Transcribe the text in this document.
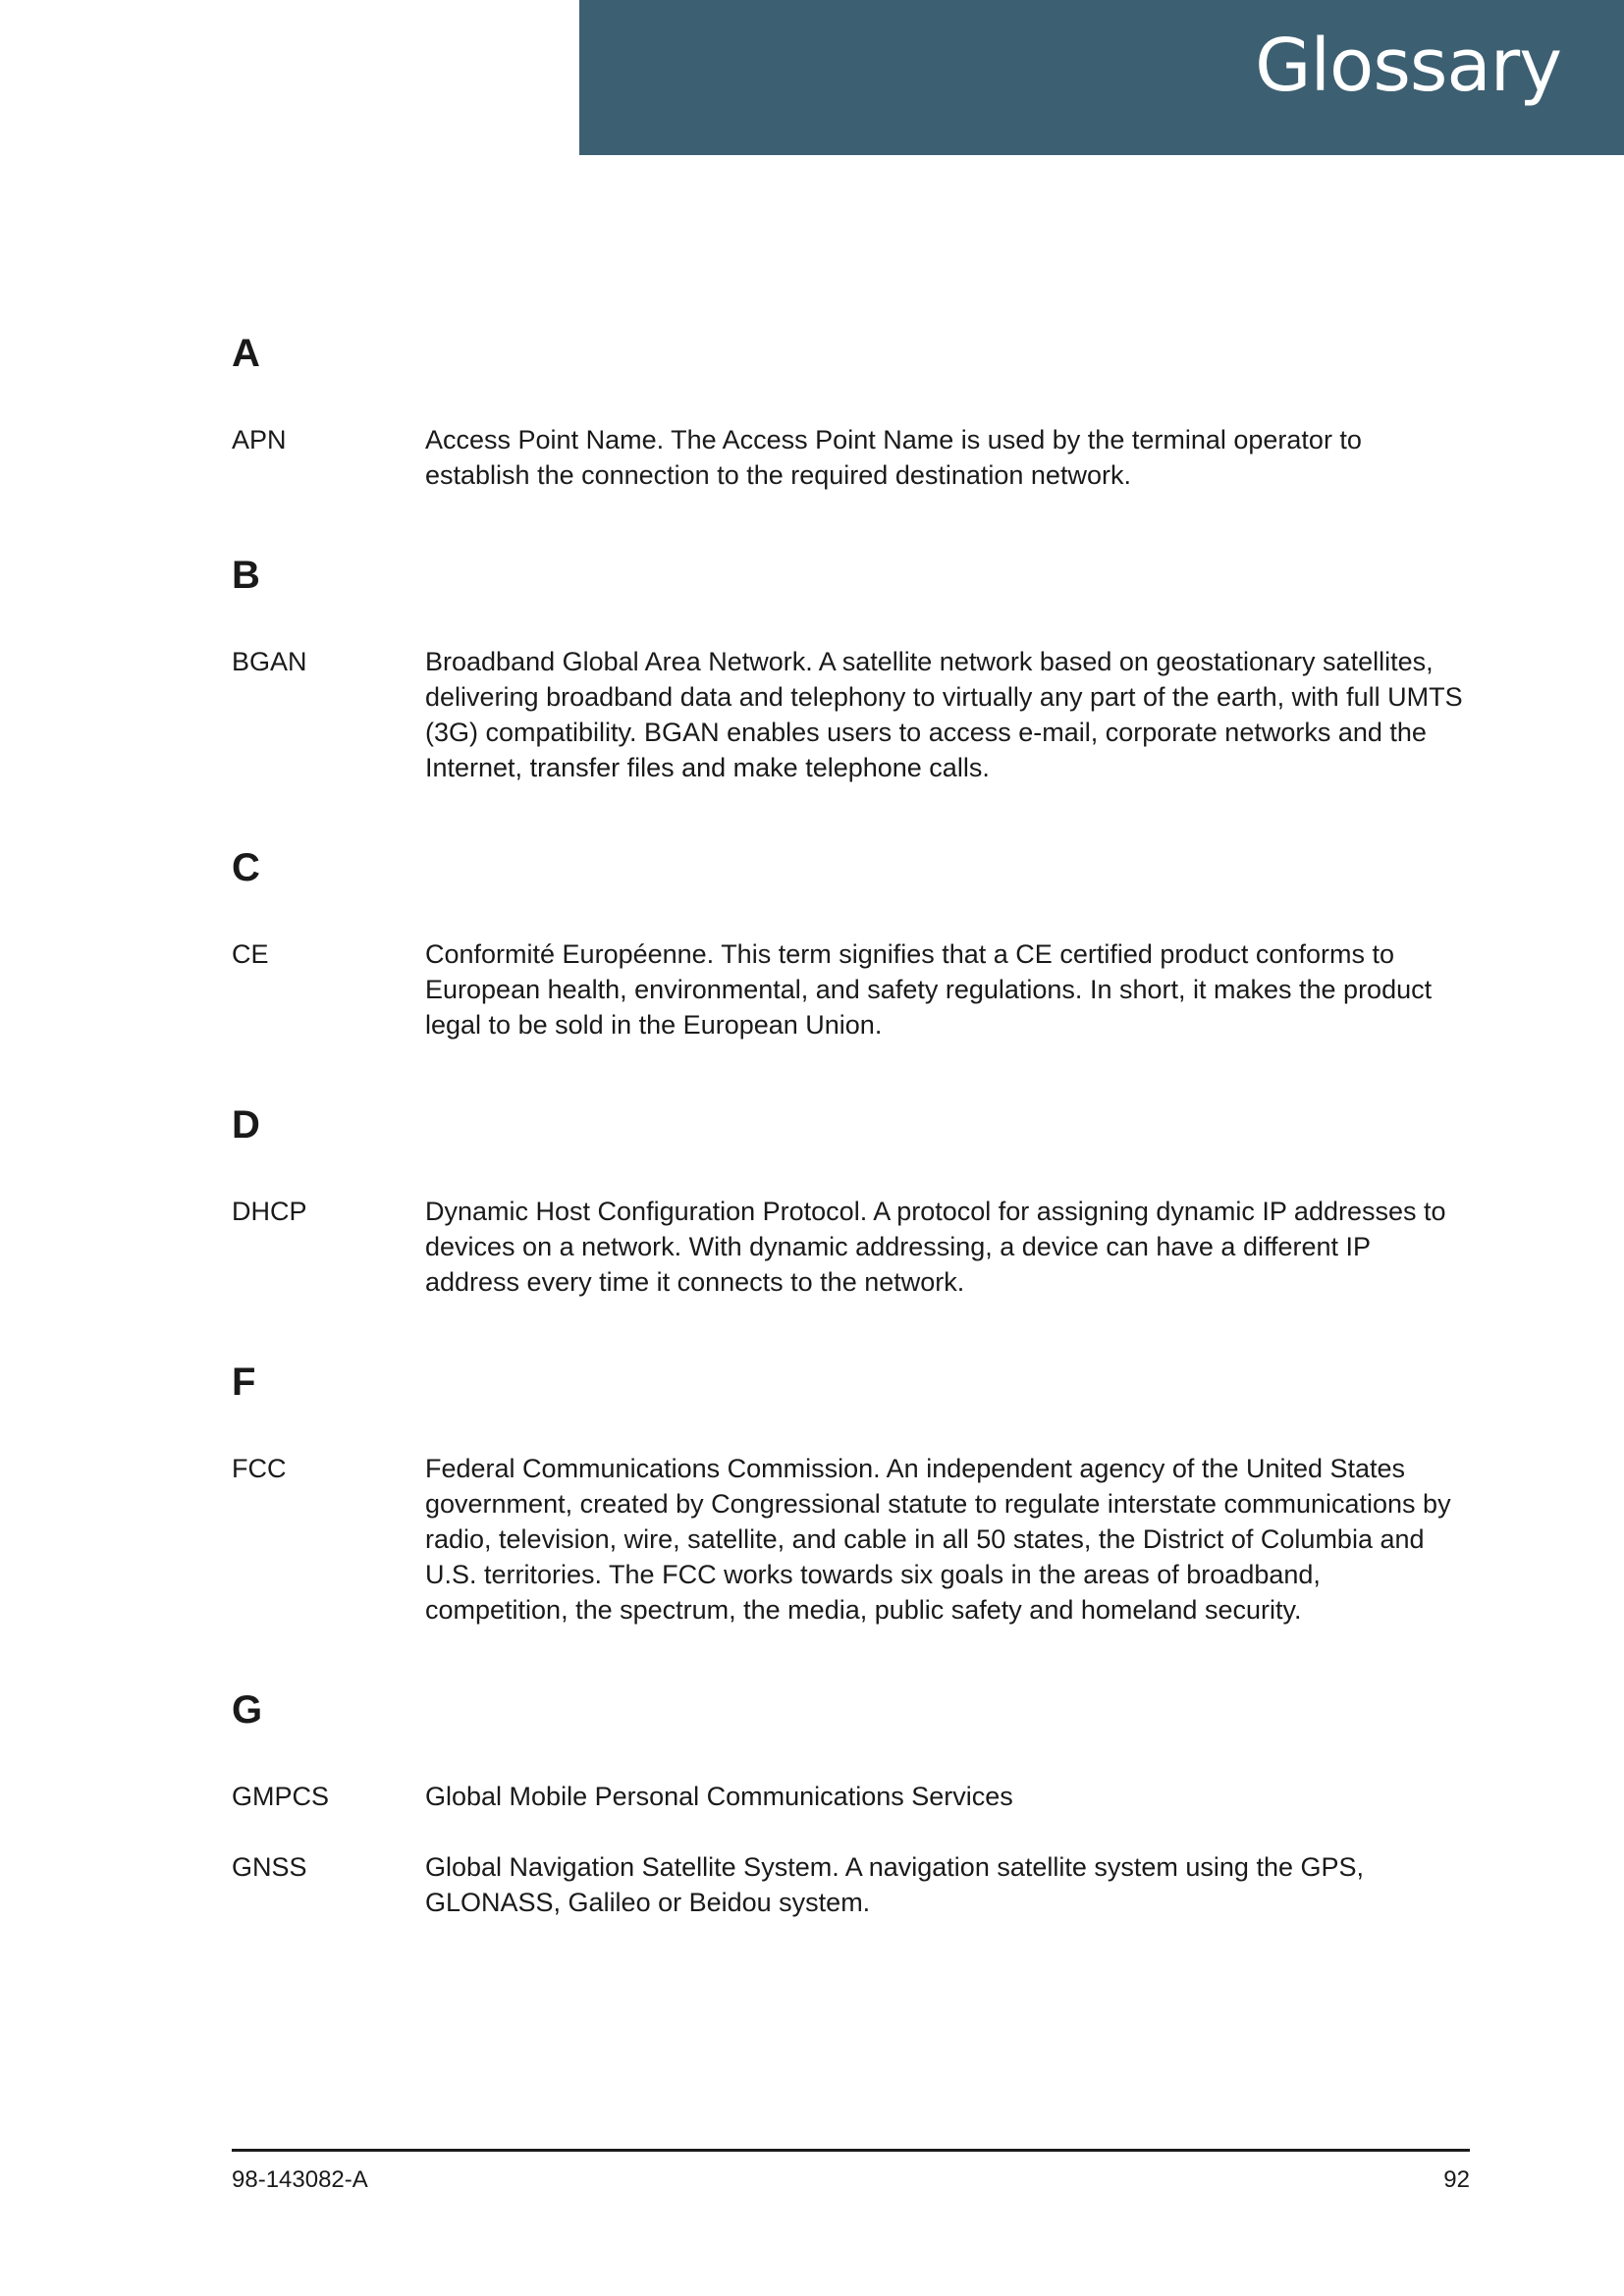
Glossary
A
APN	Access Point Name. The Access Point Name is used by the terminal operator to establish the connection to the required destination network.
B
BGAN	Broadband Global Area Network. A satellite network based on geostationary satellites, delivering broadband data and telephony to virtually any part of the earth, with full UMTS (3G) compatibility. BGAN enables users to access e-mail, corporate networks and the Internet, transfer files and make telephone calls.
C
CE	Conformité Européenne. This term signifies that a CE certified product conforms to European health, environmental, and safety regulations. In short, it makes the product legal to be sold in the European Union.
D
DHCP	Dynamic Host Configuration Protocol. A protocol for assigning dynamic IP addresses to devices on a network. With dynamic addressing, a device can have a different IP address every time it connects to the network.
F
FCC	Federal Communications Commission. An independent agency of the United States government, created by Congressional statute to regulate interstate communications by radio, television, wire, satellite, and cable in all 50 states, the District of Columbia and U.S. territories. The FCC works towards six goals in the areas of broadband, competition, the spectrum, the media, public safety and homeland security.
G
GMPCS	Global Mobile Personal Communications Services
GNSS	Global Navigation Satellite System. A navigation satellite system using the GPS, GLONASS, Galileo or Beidou system.
98-143082-A	92
